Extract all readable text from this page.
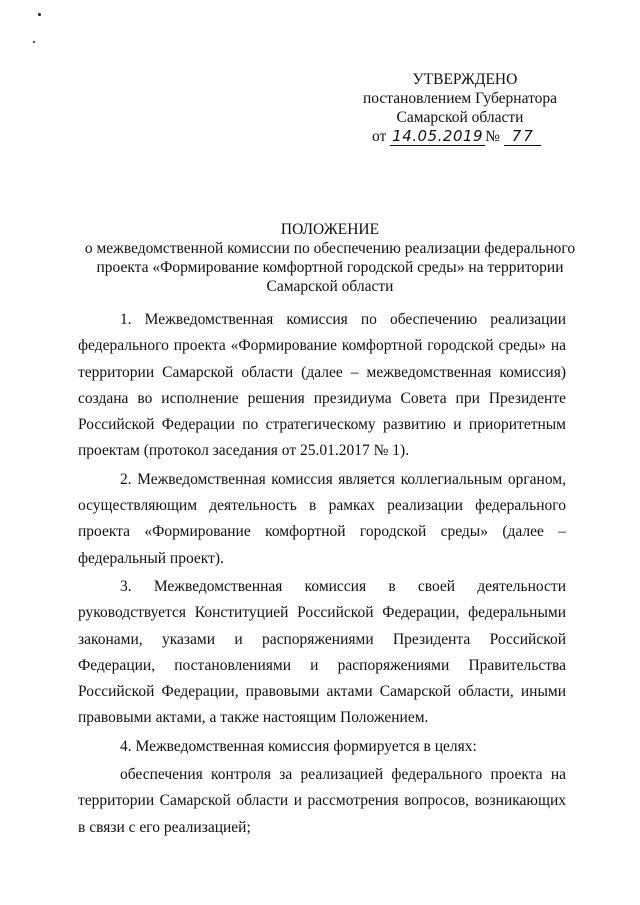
УТВЕРЖДЕНО
постановлением Губернатора
Самарской области
от 14.05.2019 № 77
ПОЛОЖЕНИЕ
о межведомственной комиссии по обеспечению реализации федерального
проекта «Формирование комфортной городской среды» на территории
Самарской области

1. Межведомственная комиссия по обеспечению реализации федерального проекта «Формирование комфортной городской среды» на территории Самарской области (далее – межведомственная комиссия) создана во исполнение решения президиума Совета при Президенте Российской Федерации по стратегическому развитию и приоритетным проектам (протокол заседания от 25.01.2017 № 1).

2. Межведомственная комиссия является коллегиальным органом, осуществляющим деятельность в рамках реализации федерального проекта «Формирование комфортной городской среды» (далее – федеральный проект).

3. Межведомственная комиссия в своей деятельности руководствуется Конституцией Российской Федерации, федеральными законами, указами и распоряжениями Президента Российской Федерации, постановлениями и распоряжениями Правительства Российской Федерации, правовыми актами Самарской области, иными правовыми актами, а также настоящим Положением.

4. Межведомственная комиссия формируется в целях:

обеспечения контроля за реализацией федерального проекта на территории Самарской области и рассмотрения вопросов, возникающих в связи с его реализацией;
